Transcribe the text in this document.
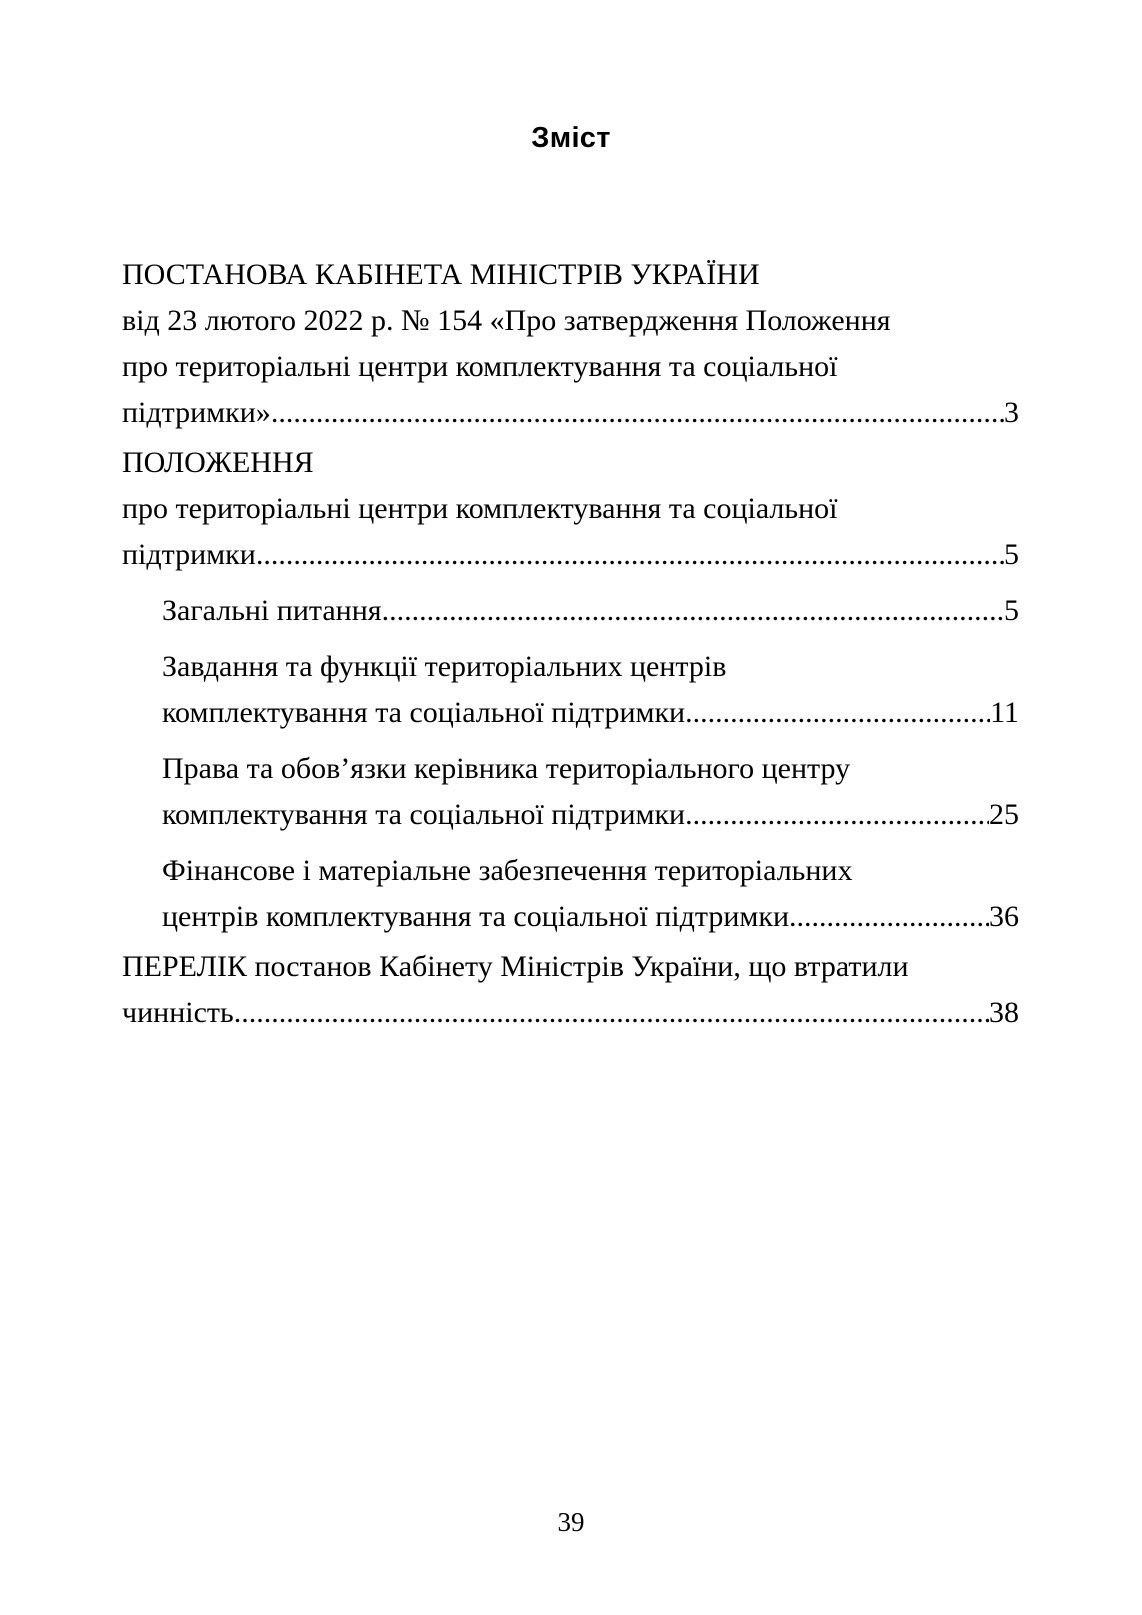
Зміст
ПОСТАНОВА КАБІНЕТА МІНІСТРІВ УКРАЇНИ
від 23 лютого 2022 р. № 154 «Про затвердження Положення
про територіальні центри комплектування та соціальної
підтримки» .....	3
ПОЛОЖЕННЯ
про територіальні центри комплектування та соціальної
підтримки .....	5
Загальні питання .....	5
Завдання та функції територіальних центрів
комплектування та соціальної підтримки .....	11
Права та обов’язки керівника територіального центру
комплектування та соціальної підтримки .....	25
Фінансове і матеріальне забезпечення територіальних
центрів комплектування та соціальної підтримки .....	36
ПЕРЕЛІК постанов Кабінету Міністрів України, що втратили
чинність .....	38
39
